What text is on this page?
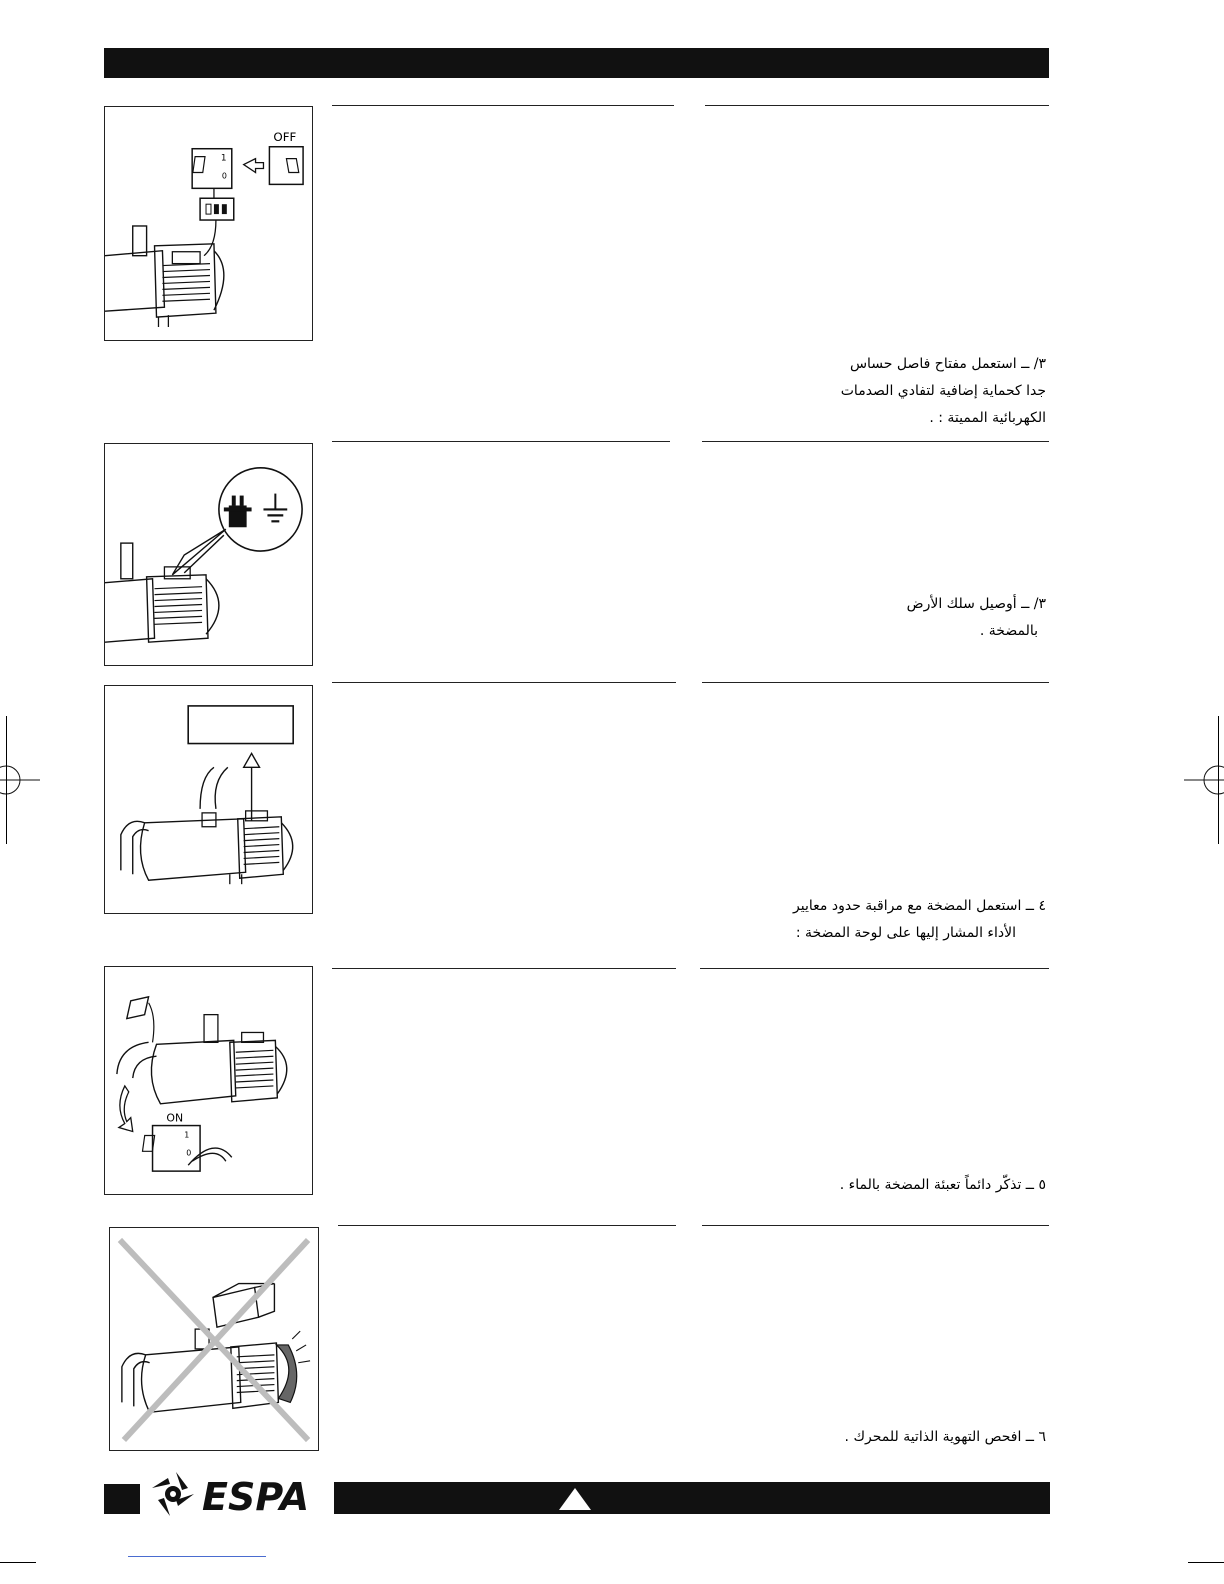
1
0
OFF
٣/ ــ استعمل مفتاح فاصل حساس
جدا كحماية إضافية لتفادي الصدمات
الكهربائية المميتة : .
٣/ ــ أوصيل سلك الأرض
بالمضخة .
٤ ــ استعمل المضخة مع مراقبة حدود معايير
الأداء المشار إليها على لوحة المضخة :
ON
1
0
٥ ــ تذكّر دائماً تعبئة المضخة بالماء .
٦ ــ افحص التهوية الذاتية للمحرك .
ESPA
